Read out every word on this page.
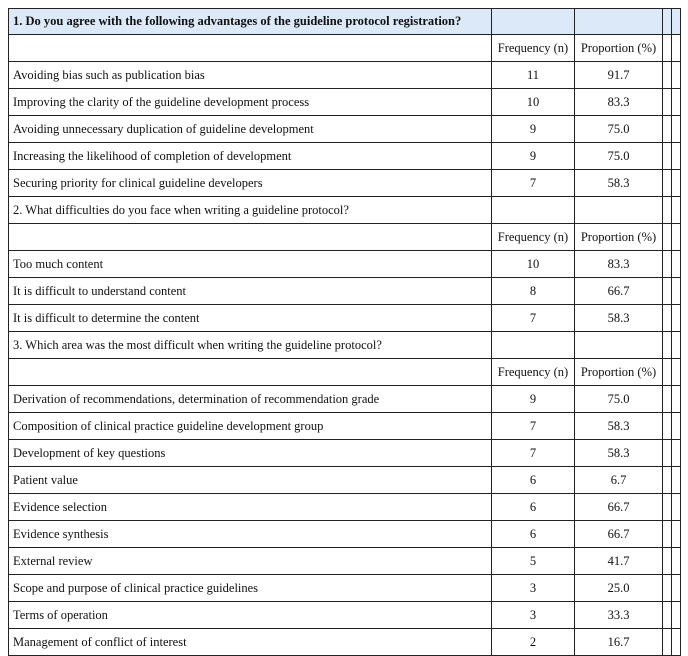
1. Do you agree with the following advantages of the guideline protocol registration?				
	Frequency (n)	Proportion (%)		
Avoiding bias such as publication bias	11	91.7		
Improving the clarity of the guideline development process	10	83.3		
Avoiding unnecessary duplication of guideline development	9	75.0		
Increasing the likelihood of completion of development	9	75.0		
Securing priority for clinical guideline developers	7	58.3		
2. What difficulties do you face when writing a guideline protocol?				
	Frequency (n)	Proportion (%)		
Too much content	10	83.3		
It is difficult to understand content	8	66.7		
It is difficult to determine the content	7	58.3		
3. Which area was the most difficult when writing the guideline protocol?				
	Frequency (n)	Proportion (%)		
Derivation of recommendations, determination of recommendation grade	9	75.0		
Composition of clinical practice guideline development group	7	58.3		
Development of key questions	7	58.3		
Patient value	6	6.7		
Evidence selection	6	66.7		
Evidence synthesis	6	66.7		
External review	5	41.7		
Scope and purpose of clinical practice guidelines	3	25.0		
Terms of operation	3	33.3		
Management of conflict of interest	2	16.7		
